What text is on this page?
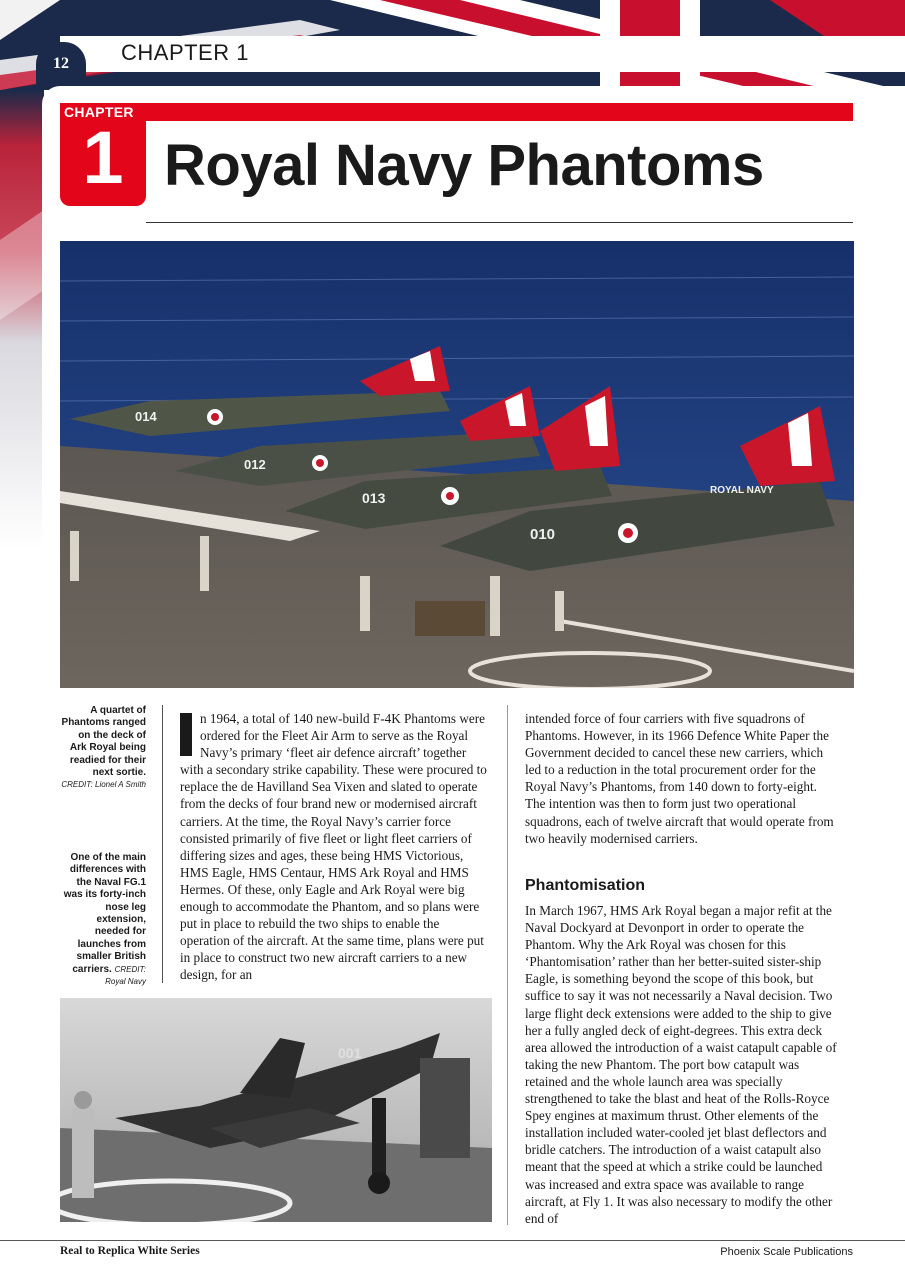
12	CHAPTER 1
CHAPTER
1 Royal Navy Phantoms
014
012
013
010
ROYAL NAVY
A quartet of Phantoms ranged on the deck of Ark Royal being readied for their next sortie.
CREDIT: Lionel A Smith
One of the main differences with the Naval FG.1 was its forty-inch nose leg extension, needed for launches from smaller British carriers. CREDIT: Royal Navy

n 1964, a total of 140 new-build F-4K Phantoms were ordered for the Fleet Air Arm to serve as the Royal Navy’s primary ‘fleet air defence aircraft’ together with a secondary strike capability. These were procured to replace the de Havilland Sea Vixen and slated to operate from the decks of four brand new or modernised aircraft carriers. At the time, the Royal Navy’s carrier force consisted primarily of five fleet or light fleet carriers of differing sizes and ages, these being HMS Victorious, HMS Eagle, HMS Centaur, HMS Ark Royal and HMS Hermes. Of these, only Eagle and Ark Royal were big enough to accommodate the Phantom, and so plans were put in place to rebuild the two ships to enable the operation of the aircraft. At the same time, plans were put in place to construct two new aircraft carriers to a new design, for an

intended force of four carriers with five squadrons of Phantoms. However, in its 1966 Defence White Paper the Government decided to cancel these new carriers, which led to a reduction in the total procurement order for the Royal Navy’s Phantoms, from 140 down to forty-eight. The intention was then to form just two operational squadrons, each of twelve aircraft that would operate from two heavily modernised carriers.

Phantomisation

In March 1967, HMS Ark Royal began a major refit at the Naval Dockyard at Devonport in order to operate the Phantom. Why the Ark Royal was chosen for this ‘Phantomisation’ rather than her better-suited sister-ship Eagle, is something beyond the scope of this book, but suffice to say it was not necessarily a Naval decision. Two large flight deck extensions were added to the ship to give her a fully angled deck of eight-degrees. This extra deck area allowed the introduction of a waist catapult capable of taking the new Phantom. The port bow catapult was retained and the whole launch area was specially strengthened to take the blast and heat of the Rolls-Royce Spey engines at maximum thrust. Other elements of the installation included water-cooled jet blast deflectors and bridle catchers. The introduction of a waist catapult also meant that the speed at which a strike could be launched was increased and extra space was available to range aircraft, at Fly 1. It was also necessary to modify the other end of

001
Real to Replica White Series	Phoenix Scale Publications
